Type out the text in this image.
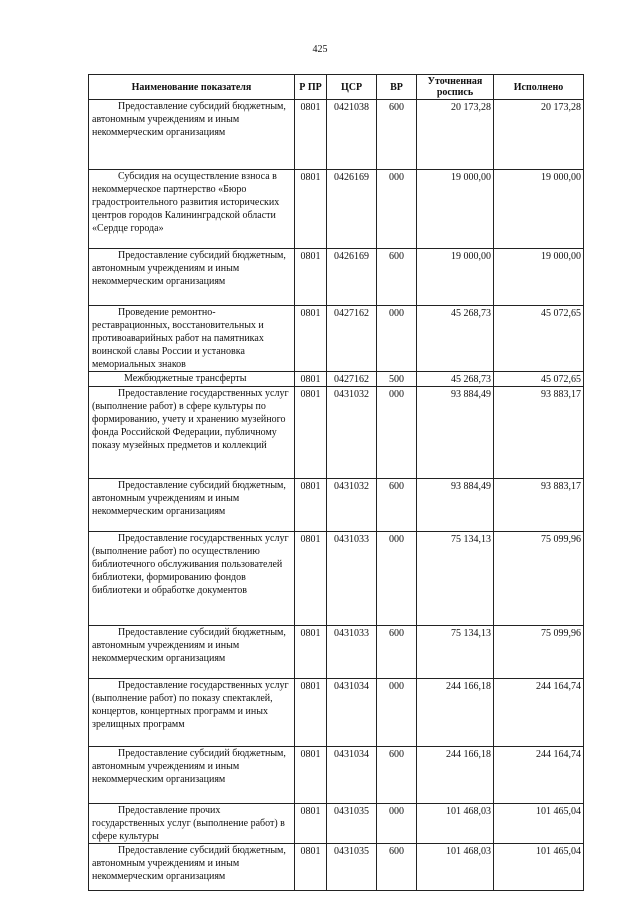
425
Наименование показателя	Р ПР	ЦСР	ВР	Уточненная роспись	Исполнено
Предоставление субсидий бюджетным, автономным учреждениям и иным некоммерческим организациям	0801	0421038	600	20 173,28	20 173,28
Субсидия на осуществление взноса в некоммерческое партнерство «Бюро градостроительного развития исторических центров городов Калининградской области «Сердце города»	0801	0426169	000	19 000,00	19 000,00
Предоставление субсидий бюджетным, автономным учреждениям и иным некоммерческим организациям	0801	0426169	600	19 000,00	19 000,00
Проведение ремонтно-реставрационных, восстановительных и противоаварийных работ на памятниках воинской славы России и установка мемориальных знаков	0801	0427162	000	45 268,73	45 072,65
Межбюджетные трансферты	0801	0427162	500	45 268,73	45 072,65
Предоставление государственных услуг (выполнение работ) в сфере культуры по формированию, учету и хранению музейного фонда Российской Федерации, публичному показу музейных предметов и коллекций	0801	0431032	000	93 884,49	93 883,17
Предоставление субсидий бюджетным, автономным учреждениям и иным некоммерческим организациям	0801	0431032	600	93 884,49	93 883,17
Предоставление государственных услуг (выполнение работ) по осуществлению библиотечного обслуживания пользователей библиотеки, формированию фондов библиотеки и обработке документов	0801	0431033	000	75 134,13	75 099,96
Предоставление субсидий бюджетным, автономным учреждениям и иным некоммерческим организациям	0801	0431033	600	75 134,13	75 099,96
Предоставление государственных услуг (выполнение работ) по показу спектаклей, концертов, концертных программ и иных зрелищных программ	0801	0431034	000	244 166,18	244 164,74
Предоставление субсидий бюджетным, автономным учреждениям и иным некоммерческим организациям	0801	0431034	600	244 166,18	244 164,74
Предоставление прочих государственных услуг (выполнение работ) в сфере культуры	0801	0431035	000	101 468,03	101 465,04
Предоставление субсидий бюджетным, автономным учреждениям и иным некоммерческим организациям	0801	0431035	600	101 468,03	101 465,04
